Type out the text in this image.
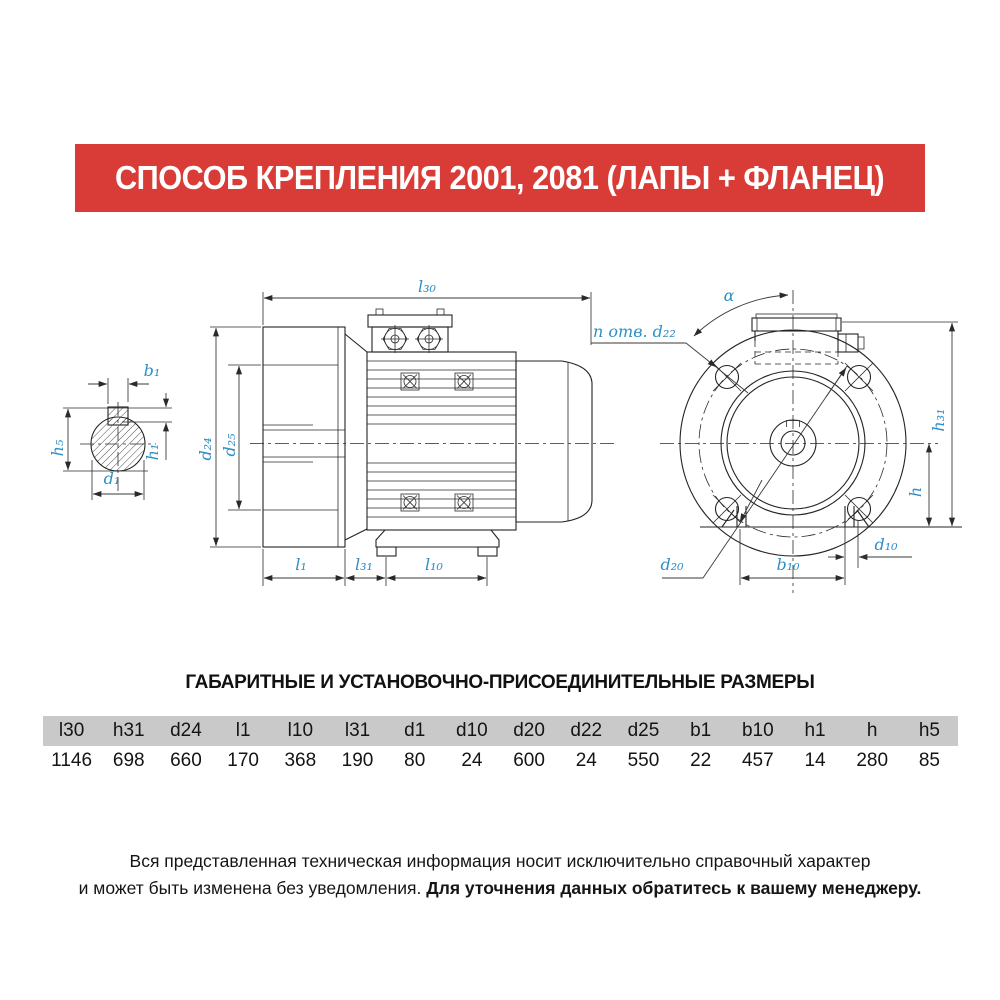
СПОСОБ КРЕПЛЕНИЯ 2001, 2081 (ЛАПЫ + ФЛАНЕЦ)
b₁
h₅	h₁
d₁
l₃₀
d₂₄ d₂₅
l₁	l₃₁	l₁₀
α
n отв. d₂₂
d₂₀
h₃₁
h
d₁₀
b₁₀
ГАБАРИТНЫЕ И УСТАНОВОЧНО-ПРИСОЕДИНИТЕЛЬНЫЕ РАЗМЕРЫ
l30	h31	d24	l1	l10	l31	d1	d10	d20	d22	d25	b1	b10	h1	h	h5
1146	698	660	170	368	190	80	24	600	24	550	22	457	14	280	85
Вся представленная техническая информация носит исключительно справочный характер
и может быть изменена без уведомления. Для уточнения данных обратитесь к вашему менеджеру.
